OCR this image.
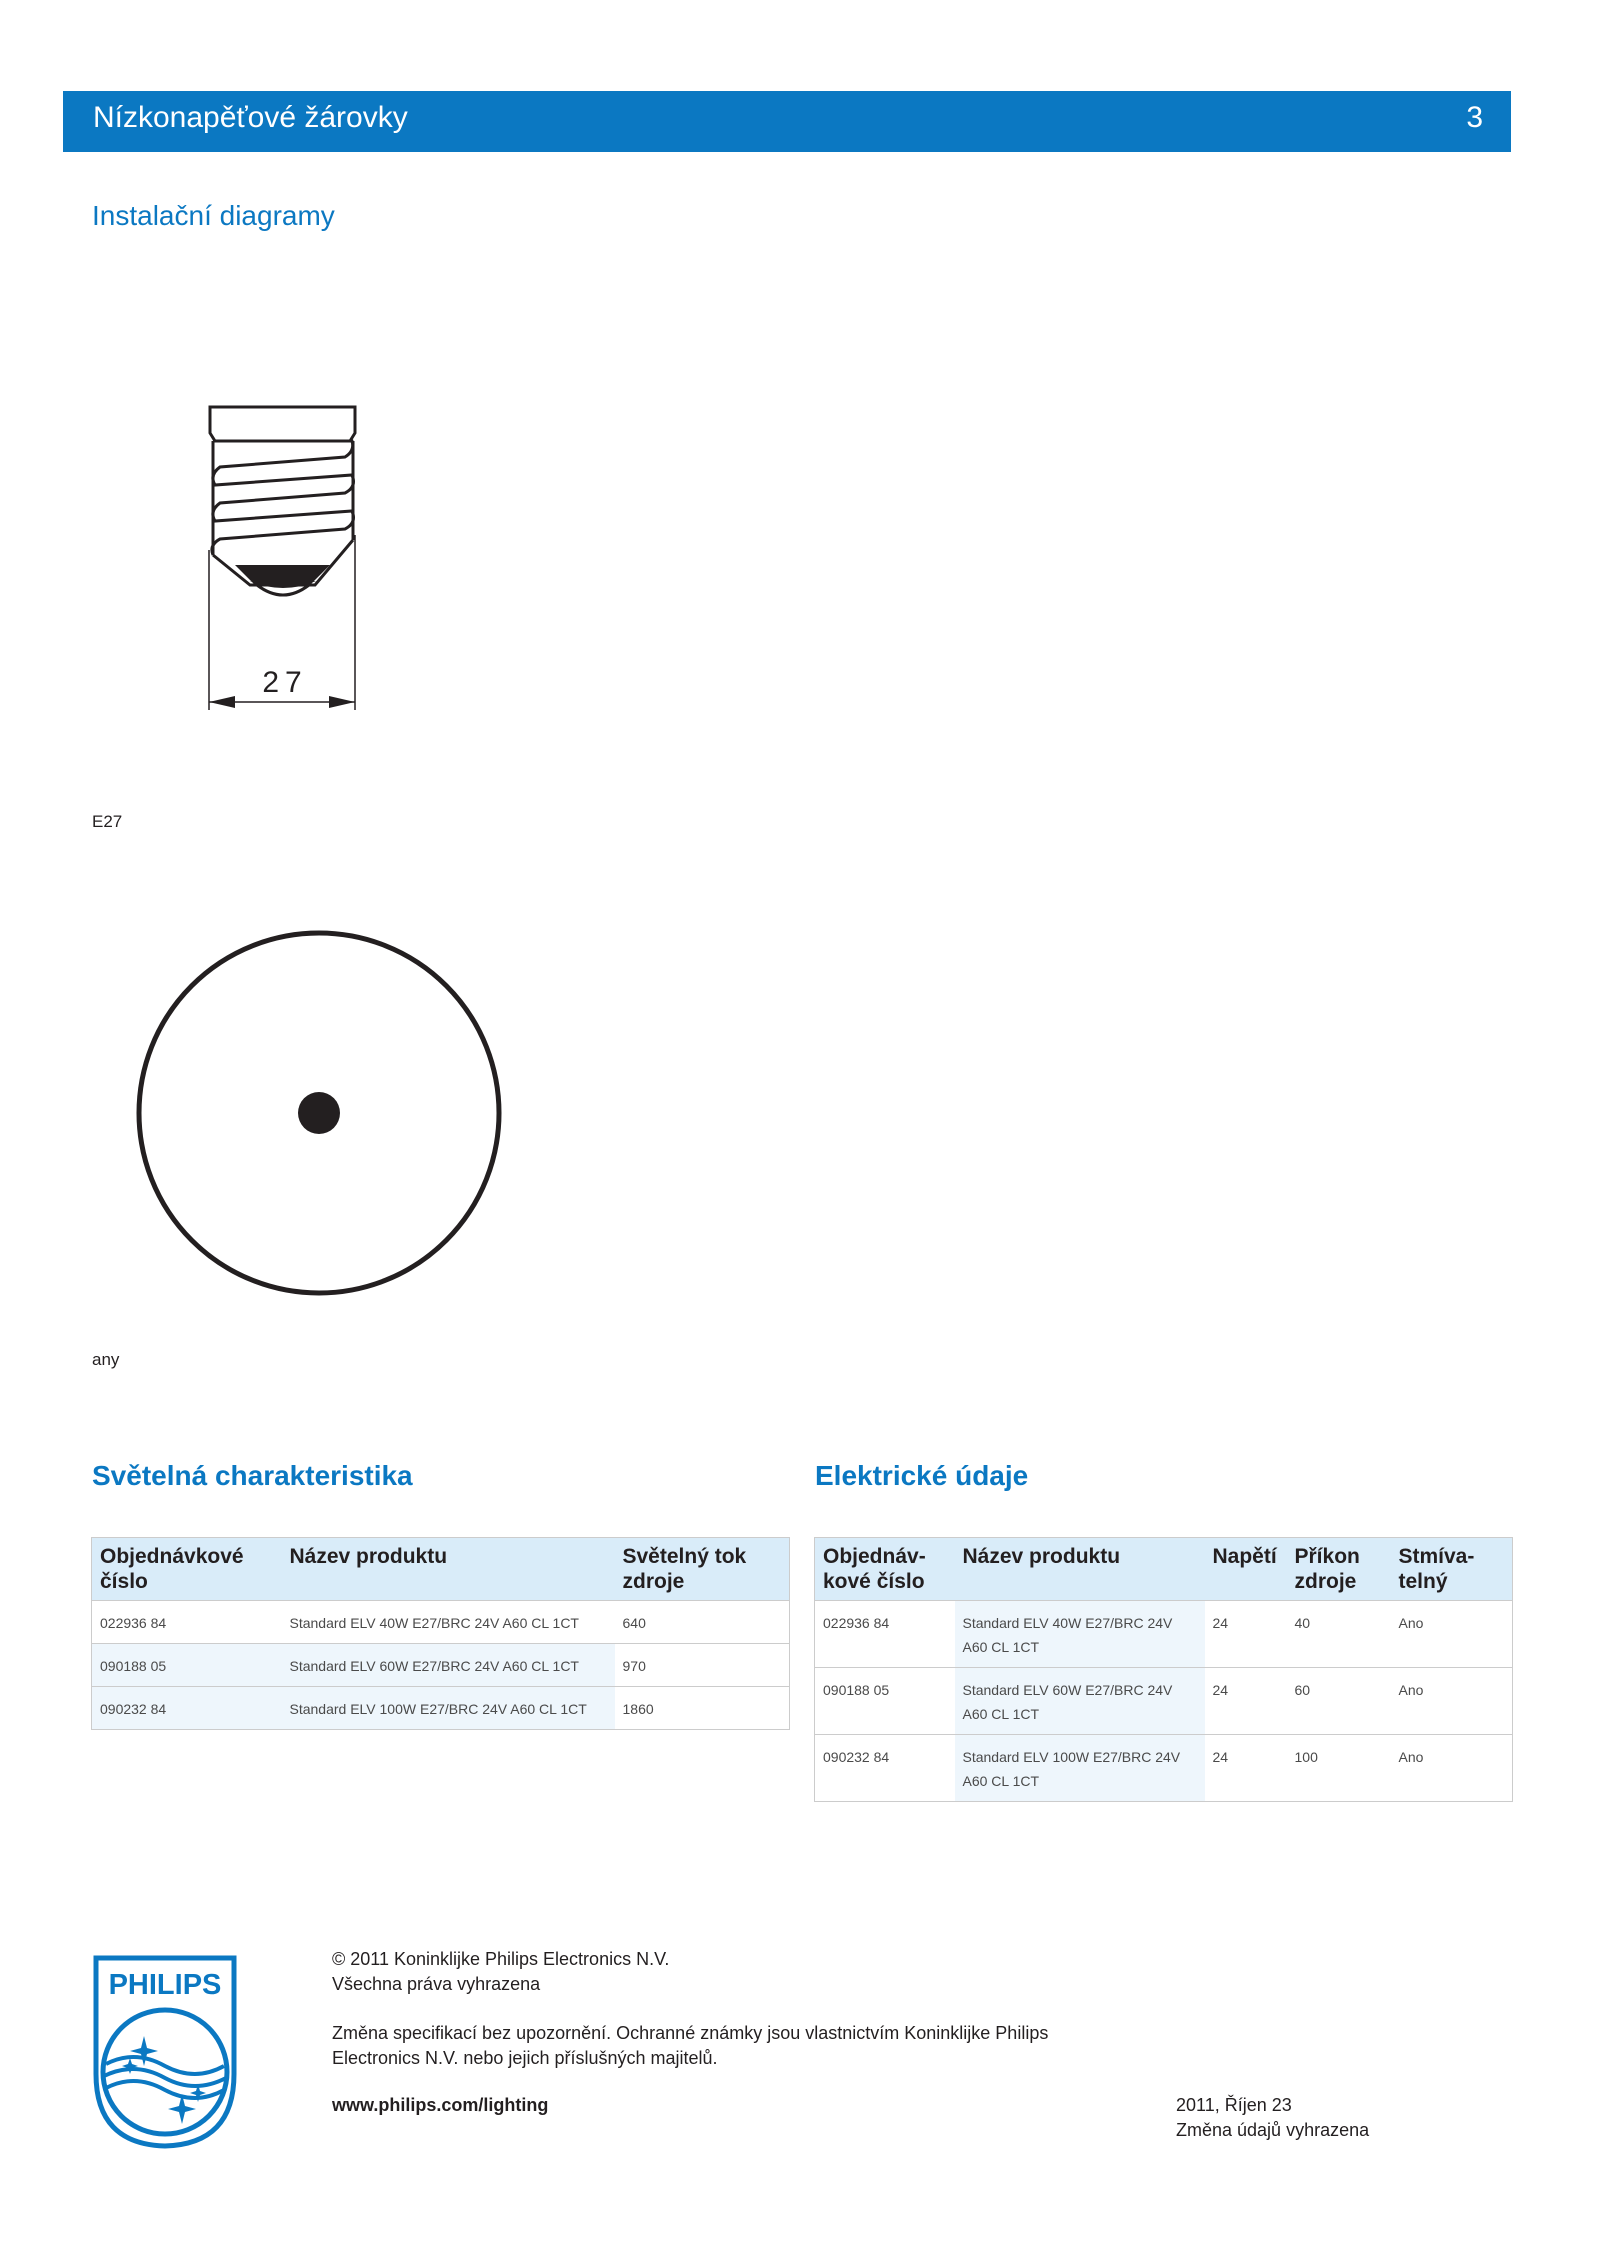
Nízkonapěťové žárovky	3
Instalační diagramy
27
E27
any
Světelná charakteristika
Objednávkové číslo	Název produktu	Světelný tok zdroje
022936 84	Standard ELV 40W E27/BRC 24V A60 CL 1CT	640
090188 05	Standard ELV 60W E27/BRC 24V A60 CL 1CT	970
090232 84	Standard ELV 100W E27/BRC 24V A60 CL 1CT	1860
Elektrické údaje
Objednáv-kové číslo	Název produktu	Napětí	Příkon zdroje	Stmíva-telný
022936 84	Standard ELV 40W E27/BRC 24V A60 CL 1CT	24	40	Ano
090188 05	Standard ELV 60W E27/BRC 24V A60 CL 1CT	24	60	Ano
090232 84	Standard ELV 100W E27/BRC 24V A60 CL 1CT	24	100	Ano
PHILIPS
© 2011 Koninklijke Philips Electronics N.V.
Všechna práva vyhrazena
Změna specifikací bez upozornění. Ochranné známky jsou vlastnictvím Koninklijke Philips
Electronics N.V. nebo jejich příslušných majitelů.
www.philips.com/lighting	2011, Říjen 23
Změna údajů vyhrazena
